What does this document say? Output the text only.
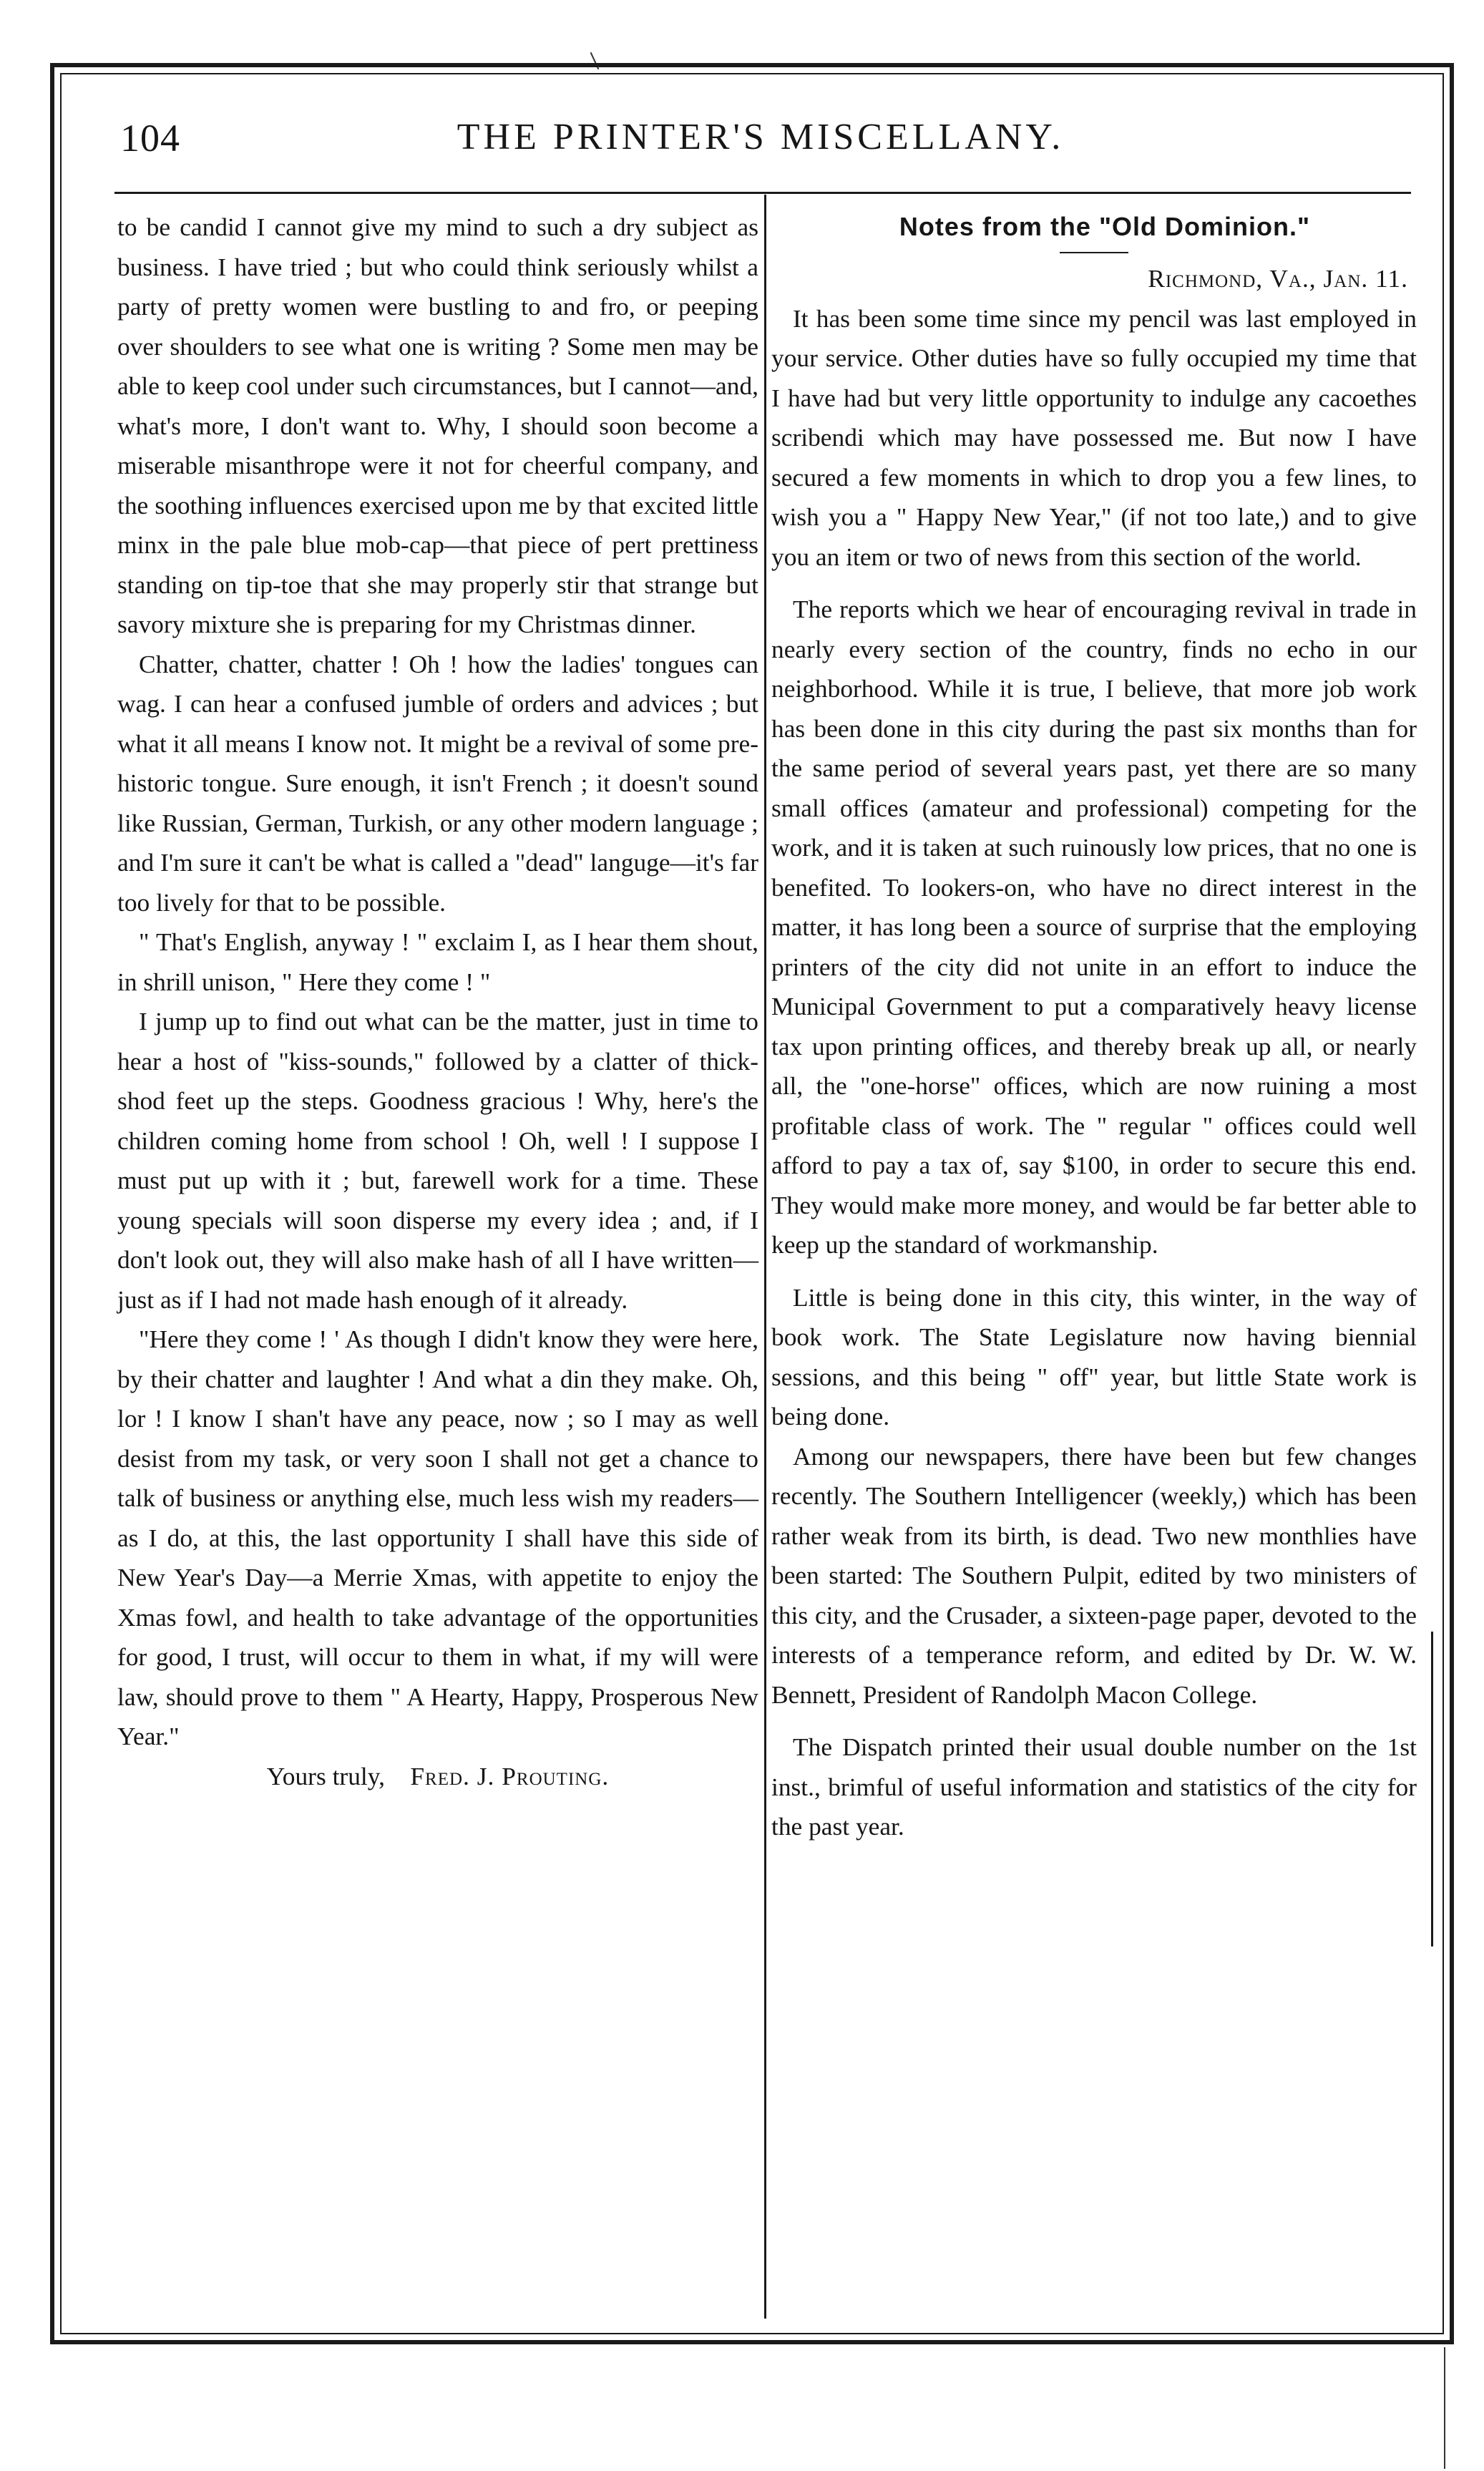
104	THE PRINTER'S MISCELLANY.

to be candid I cannot give my mind to such a dry subject as business. I have tried ; but who could think seriously whilst a party of pretty women were bustling to and fro, or peeping over shoulders to see what one is writing ? Some men may be able to keep cool under such circumstances, but I cannot—and, what's more, I don't want to. Why, I should soon become a miserable misanthrope were it not for cheerful company, and the soothing influences exercised upon me by that excited little minx in the pale blue mob-cap—that piece of pert prettiness standing on tip-toe that she may properly stir that strange but savory mixture she is preparing for my Christmas dinner.

Chatter, chatter, chatter ! Oh ! how the ladies' tongues can wag. I can hear a confused jumble of orders and advices ; but what it all means I know not. It might be a revival of some pre-historic tongue. Sure enough, it isn't French ; it doesn't sound like Russian, German, Turkish, or any other modern language ; and I'm sure it can't be what is called a "dead" languge—it's far too lively for that to be possible.

" That's English, anyway ! " exclaim I, as I hear them shout, in shrill unison, " Here they come ! "

I jump up to find out what can be the matter, just in time to hear a host of "kiss-sounds," followed by a clatter of thick-shod feet up the steps. Goodness gracious ! Why, here's the children coming home from school ! Oh, well ! I suppose I must put up with it ; but, farewell work for a time. These young specials will soon disperse my every idea ; and, if I don't look out, they will also make hash of all I have written—just as if I had not made hash enough of it already.

"Here they come ! ' As though I didn't know they were here, by their chatter and laughter ! And what a din they make. Oh, lor ! I know I shan't have any peace, now ; so I may as well desist from my task, or very soon I shall not get a chance to talk of business or anything else, much less wish my readers—as I do, at this, the last opportunity I shall have this side of New Year's Day—a Merrie Xmas, with appetite to enjoy the Xmas fowl, and health to take advantage of the opportunities for good, I trust, will occur to them in what, if my will were law, should prove to them " A Hearty, Happy, Prosperous New Year."

Yours truly, Fred. J. Prouting.

Notes from the "Old Dominion."

Richmond, Va., Jan. 11.

It has been some time since my pencil was last employed in your service. Other duties have so fully occupied my time that I have had but very little opportunity to indulge any cacoethes scribendi which may have possessed me. But now I have secured a few moments in which to drop you a few lines, to wish you a " Happy New Year," (if not too late,) and to give you an item or two of news from this section of the world.

The reports which we hear of encouraging revival in trade in nearly every section of the country, finds no echo in our neighborhood. While it is true, I believe, that more job work has been done in this city during the past six months than for the same period of several years past, yet there are so many small offices (amateur and professional) competing for the work, and it is taken at such ruinously low prices, that no one is benefited. To lookers-on, who have no direct interest in the matter, it has long been a source of surprise that the employing printers of the city did not unite in an effort to induce the Municipal Government to put a comparatively heavy license tax upon printing offices, and thereby break up all, or nearly all, the "one-horse" offices, which are now ruining a most profitable class of work. The " regular " offices could well afford to pay a tax of, say $100, in order to secure this end. They would make more money, and would be far better able to keep up the standard of workmanship.

Little is being done in this city, this winter, in the way of book work. The State Legislature now having biennial sessions, and this being " off" year, but little State work is being done.

Among our newspapers, there have been but few changes recently. The Southern Intelligencer (weekly,) which has been rather weak from its birth, is dead. Two new monthlies have been started: The Southern Pulpit, edited by two ministers of this city, and the Crusader, a sixteen-page paper, devoted to the interests of a temperance reform, and edited by Dr. W. W. Bennett, President of Randolph Macon College.

The Dispatch printed their usual double number on the 1st inst., brimful of useful information and statistics of the city for the past year.
